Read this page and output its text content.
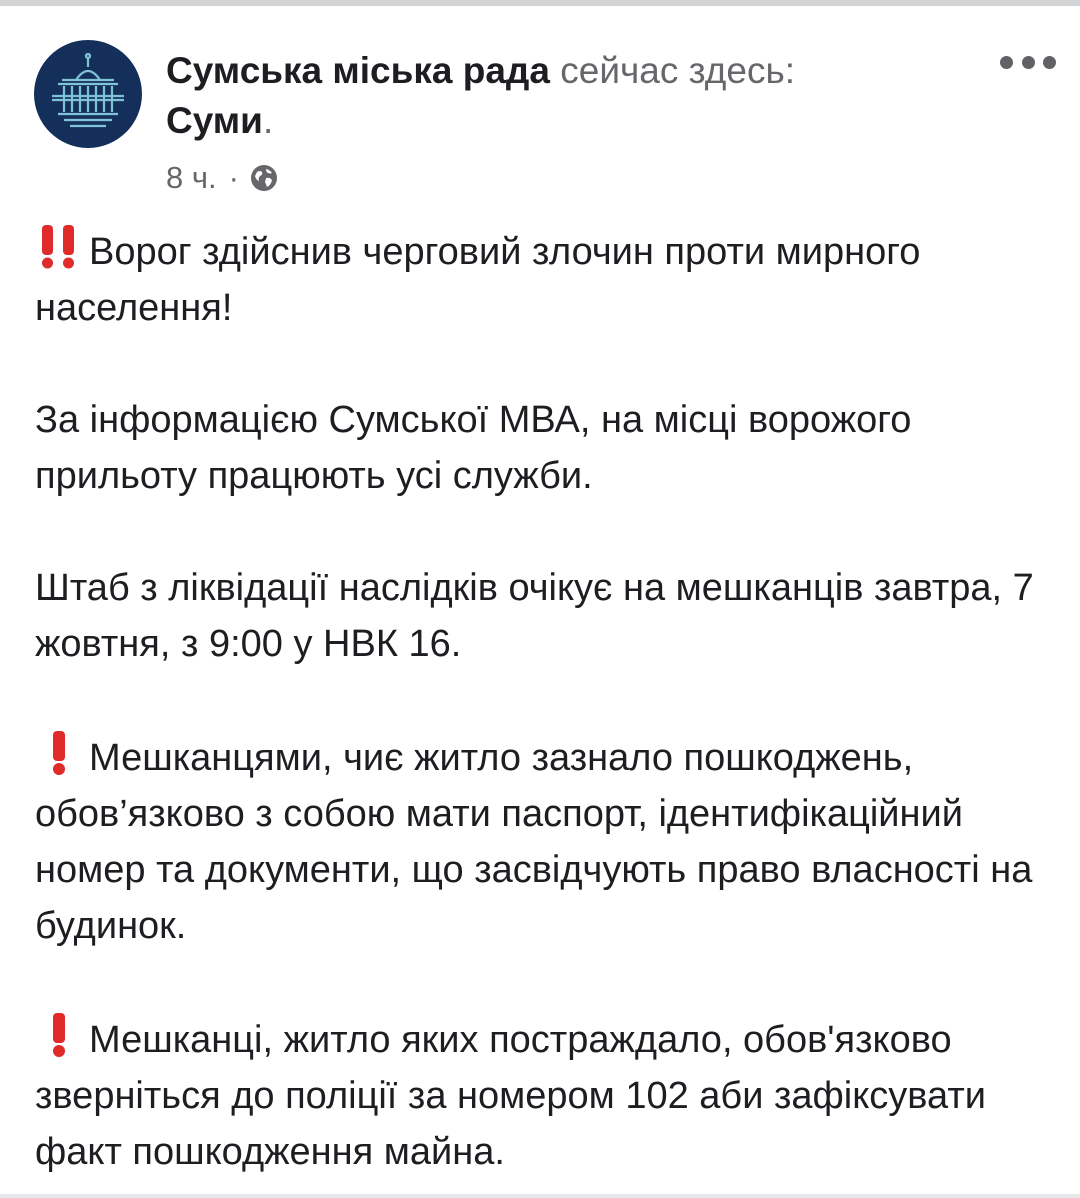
Сумська міська рада сейчас здесь:
Суми.
8 ч. ·

Ворог здійснив черговий злочин проти мирного населення!

За інформацією Сумської МВА, на місці ворожого прильоту працюють усі служби.

Штаб з ліквідації наслідків очікує на мешканців завтра, 7 жовтня, з 9:00 у НВК 16.

Мешканцями, чиє житло зазнало пошкоджень, обов’язково з собою мати паспорт, ідентифікаційний номер та документи, що засвідчують право власності на будинок.

Мешканці, житло яких постраждало, обов'язково зверніться до поліції за номером 102 аби зафіксувати факт пошкодження майна.
